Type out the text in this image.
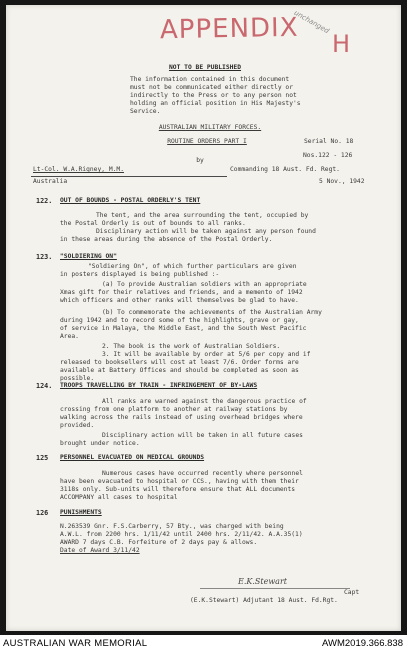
APPENDIX H
unchanged
NOT TO BE PUBLISHED
The information contained in this document
must not be communicated either directly or
indirectly to the Press or to any person not
holding an official position in His Majesty's
Service.
AUSTRALIAN MILITARY FORCES.
ROUTINE ORDERS PART I	Serial No. 18
Nos.122 - 126
by
Lt-Col. W.A.Rigney, M.M.	Commanding 18 Aust. Fd. Regt.
Australia	5 Nov., 1942
122. OUT OF BOUNDS - POSTAL ORDERLY'S TENT
The tent, and the area surrounding the tent, occupied by
the Postal Orderly is out of bounds to all ranks.
Disciplinary action will be taken against any person found
in these areas during the absence of the Postal Orderly.
123. "SOLDIERING ON"
"Soldiering On", of which further particulars are given
in posters displayed is being published :-
(a) To provide Australian soldiers with an appropriate
Xmas gift for their relatives and friends, and a memento of 1942
which officers and other ranks will themselves be glad to have.
(b) To commemorate the achievements of the Australian Army
during 1942 and to record some of the highlights, grave or gay,
of service in Malaya, the Middle East, and the South West Pacific
Area.
2. The book is the work of Australian Soldiers.
3. It will be available by order at 5/6 per copy and if
released to booksellers will cost at least 7/6. Order forms are
available at Battery Offices and should be completed as soon as
possible.
124. TROOPS TRAVELLING BY TRAIN - INFRINGEMENT OF BY-LAWS
All ranks are warned against the dangerous practice of
crossing from one platform to another at railway stations by
walking across the rails instead of using overhead bridges where
provided.
Disciplinary action will be taken in all future cases
brought under notice.
125 PERSONNEL EVACUATED ON MEDICAL GROUNDS
Numerous cases have occurred recently where personnel
have been evacuated to hospital or CCS., having with them their
3118s only. Sub-units will therefore ensure that ALL documents
ACCOMPANY all cases to hospital
126 PUNISHMENTS
N.263539 Gnr. F.S.Carberry, 57 Bty., was charged with being
A.W.L. from 2200 hrs. 1/11/42 until 2400 hrs. 2/11/42. A.A.35(1)
AWARD 7 days C.B. Forfeiture of 2 days pay & allows.
Date of Award 3/11/42
E.K.Stewart
Capt
(E.K.Stewart) Adjutant 18 Aust. Fd.Rgt.
AUSTRALIAN WAR MEMORIAL	AWM2019.366.838
